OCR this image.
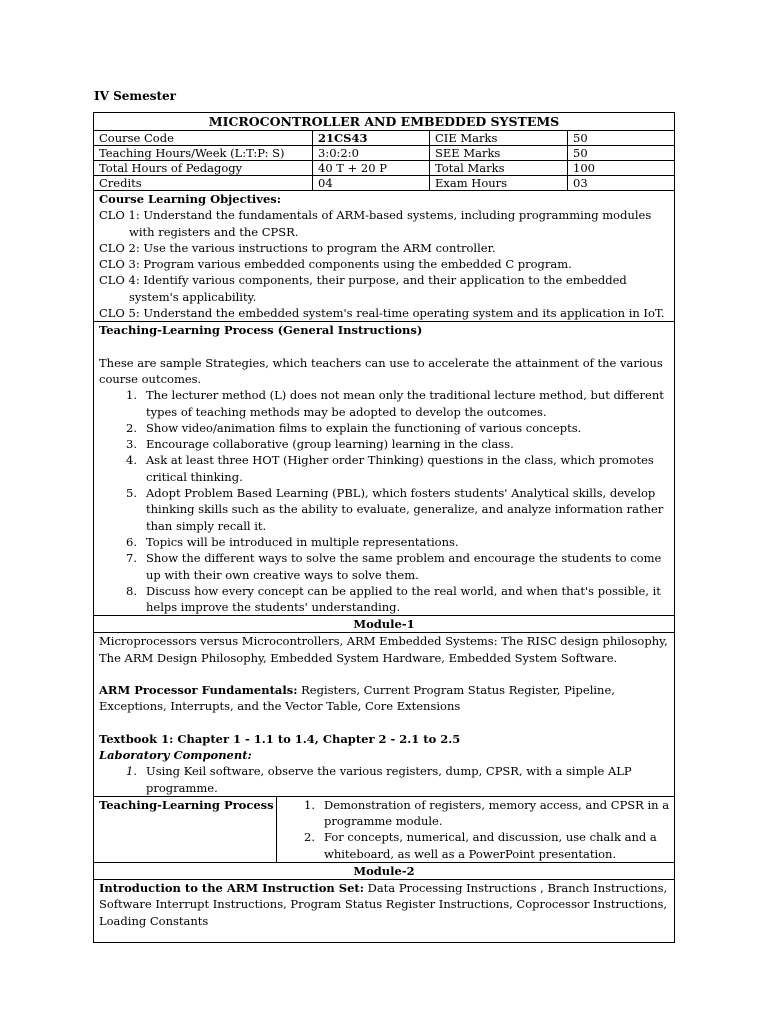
IV Semester
MICROCONTROLLER AND EMBEDDED SYSTEMS
Course Code	21CS43	CIE Marks	50
Teaching Hours/Week (L:T:P: S)	3:0:2:0	SEE Marks	50
Total Hours of Pedagogy	40 T + 20 P	Total Marks	100
Credits	04	Exam Hours	03

Course Learning Objectives:

CLO 1: Understand the fundamentals of ARM-based systems, including programming modules with registers and the CPSR.

CLO 2: Use the various instructions to program the ARM controller.

CLO 3: Program various embedded components using the embedded C program.

CLO 4: Identify various components, their purpose, and their application to the embedded system's applicability.

CLO 5: Understand the embedded system's real-time operating system and its application in IoT.

Teaching-Learning Process (General Instructions)

These are sample Strategies, which teachers can use to accelerate the attainment of the various course outcomes.

1. The lecturer method (L) does not mean only the traditional lecture method, but different types of teaching methods may be adopted to develop the outcomes.
2. Show video/animation films to explain the functioning of various concepts.
3. Encourage collaborative (group learning) learning in the class.
4. Ask at least three HOT (Higher order Thinking) questions in the class, which promotes critical thinking.
5. Adopt Problem Based Learning (PBL), which fosters students' Analytical skills, develop thinking skills such as the ability to evaluate, generalize, and analyze information rather than simply recall it.
6. Topics will be introduced in multiple representations.
7. Show the different ways to solve the same problem and encourage the students to come up with their own creative ways to solve them.
8. Discuss how every concept can be applied to the real world, and when that's possible, it helps improve the students' understanding.
Module-1

Microprocessors versus Microcontrollers, ARM Embedded Systems: The RISC design philosophy, The ARM Design Philosophy, Embedded System Hardware, Embedded System Software.

ARM Processor Fundamentals: Registers, Current Program Status Register, Pipeline, Exceptions, Interrupts, and the Vector Table, Core Extensions

Textbook 1: Chapter 1 - 1.1 to 1.4, Chapter 2 - 2.1 to 2.5

Laboratory Component:

1. Using Keil software, observe the various registers, dump, CPSR, with a simple ALP programme.
Teaching-Learning Process	1. Demonstration of registers, memory access, and CPSR in a programme module.
2. For concepts, numerical, and discussion, use chalk and a whiteboard, as well as a PowerPoint presentation.
Module-2

Introduction to the ARM Instruction Set: Data Processing Instructions , Branch Instructions, Software Interrupt Instructions, Program Status Register Instructions, Coprocessor Instructions, Loading Constants
